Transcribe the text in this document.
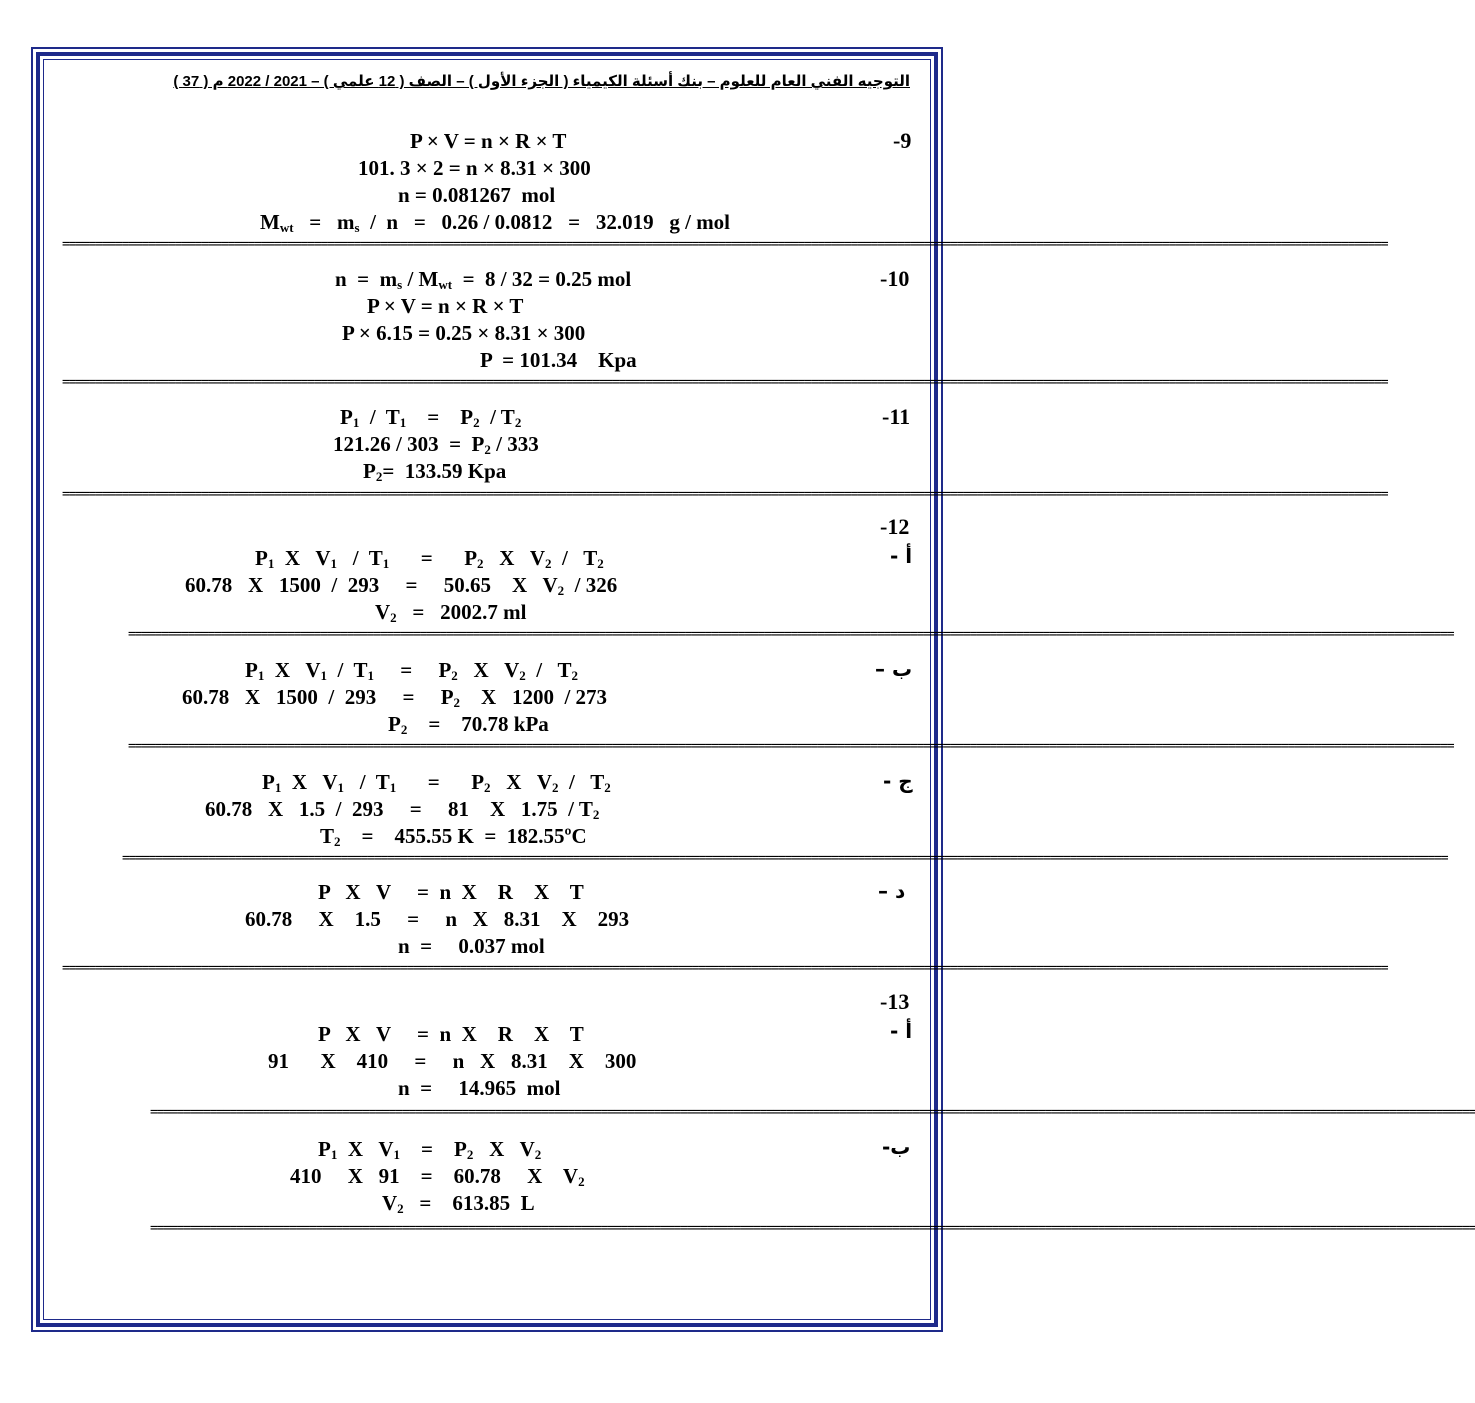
التوجيه الفني العام للعلوم – بنك أسئلة الكيمياء ( الجزء الأول ) – الصف ( 12 علمي ) – 2021 / 2022 م ( 37 )
-9
P × V = n × R × T
101. 3 × 2 = n × 8.31 × 300
n = 0.081267  mol
$M_{wt} = m_s / n = 0.26 / 0.0812 = 32.019$   g / mol
========================================================================================================================================================================================================
-10
$n = m_s / M_{wt} = 8 / 32 = 0.25$ mol
P × V = n × R × T
P × 6.15 = 0.25 × 8.31 × 300
P  = 101.34    Kpa
========================================================================================================================================================================================================
-11
$P_1 / T_1$    =    $P_2 / T_2$
$121.26 / 303 = P_2 / 333$
$P_2= 133.59$ Kpa
========================================================================================================================================================================================================
-12
أ -
$P_1$  X   $V_1 / T_1$      =      $P_2$   X   $V_2 / T_2$
60.78   X   1500  /  293     =     50.65    X   $V_2 / 326$
$V_2 = 2002.7$ ml
========================================================================================================================================================================================================
ب –
$P_1$  X   $V_1 / T_1$     =     $P_2$   X   $V_2 / T_2$
60.78   X   1500  /  293     =     $P_2$    X   1200  / 273
$P_2$    =    70.78 kPa
========================================================================================================================================================================================================
ج -
$P_1$  X   $V_1 / T_1$      =      $P_2$   X   $V_2 / T_2$
60.78   X   1.5  /  293     =     81    X   $1.75 / T_2$
$T_2$    =    455.55 K  =  182.55ºC
========================================================================================================================================================================================================
د –
P   X   V     =  n  X    R    X    T
60.78     X    1.5     =     n   X   8.31    X    293
n  =     0.037 mol
========================================================================================================================================================================================================
-13
أ -
P   X   V     =  n  X    R    X    T
91      X    410     =     n   X   8.31    X    300
n  =     14.965  mol
========================================================================================================================================================================================================
ب-
$P_1$  X   $V_1$    =    $P_2$   X   $V_2$
410     X   91    =    60.78     X    $V_2$
$V_2$   =    613.85  L
========================================================================================================================================================================================================
